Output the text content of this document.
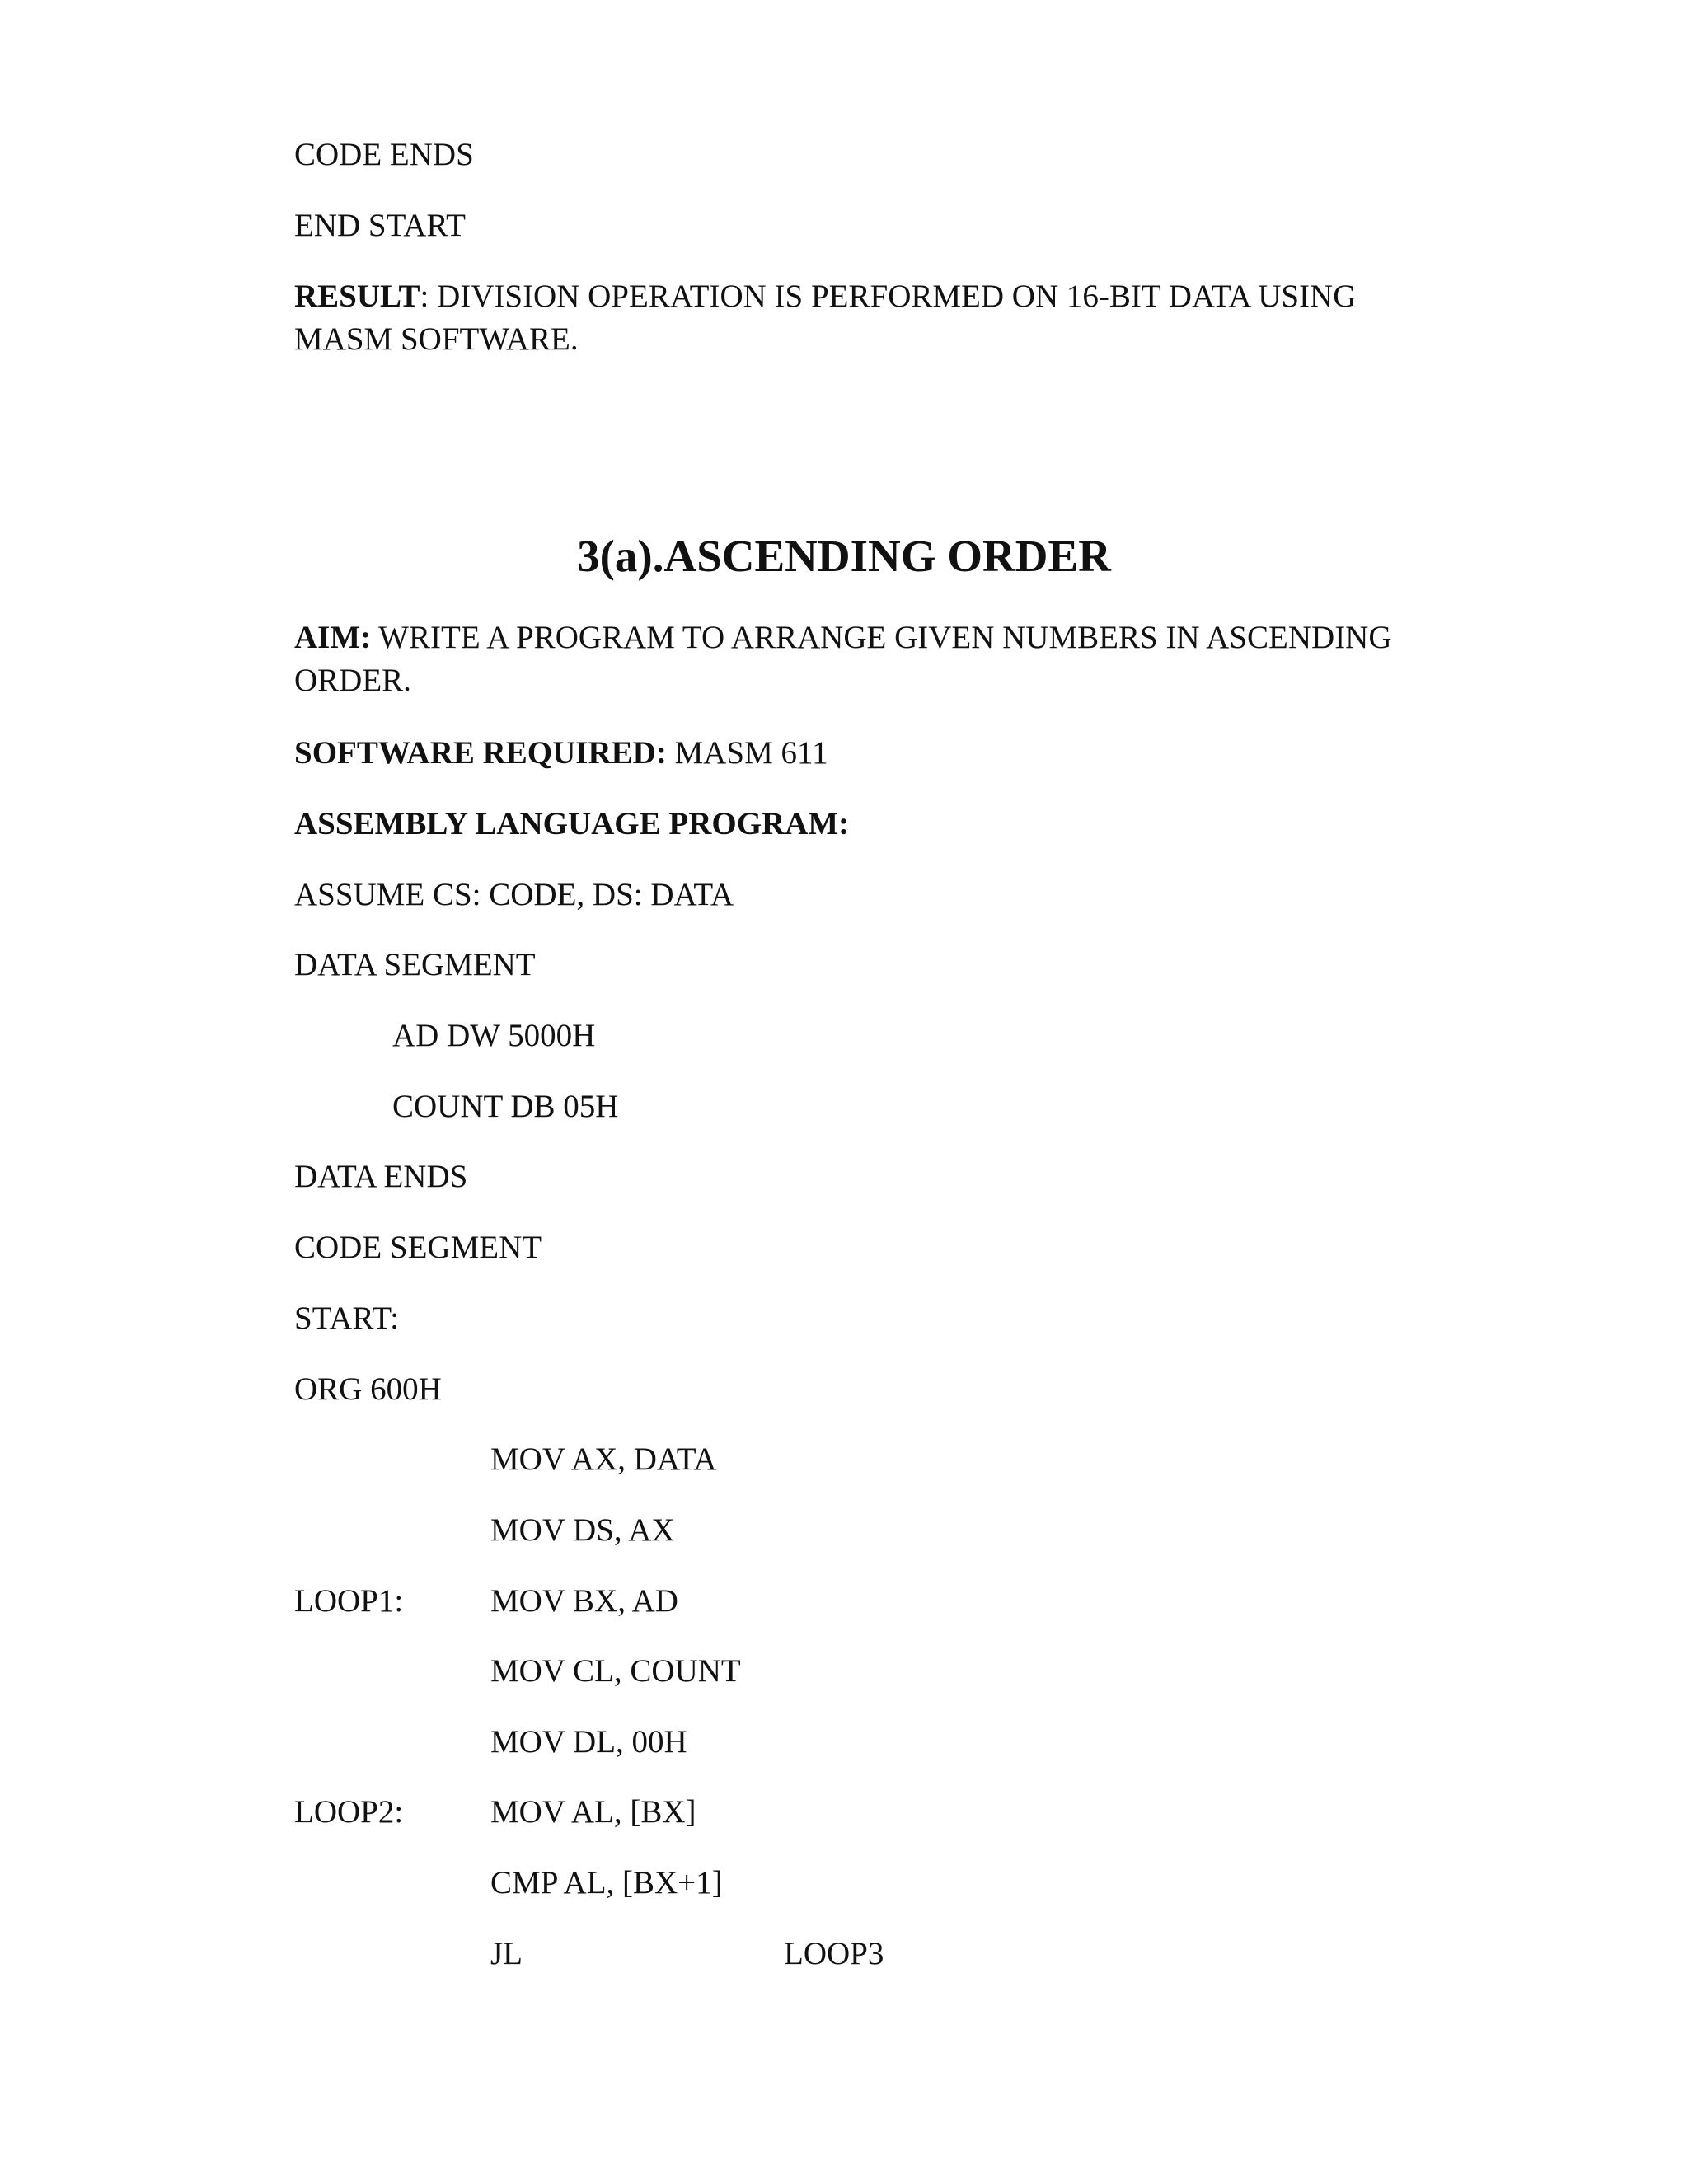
CODE ENDS
END START
RESULT: DIVISION OPERATION IS PERFORMED ON 16-BIT DATA USING MASM SOFTWARE.
3(a).ASCENDING ORDER
AIM: WRITE A PROGRAM TO ARRANGE GIVEN NUMBERS IN ASCENDING ORDER.
SOFTWARE REQUIRED: MASM 611
ASSEMBLY LANGUAGE PROGRAM:
ASSUME CS: CODE, DS: DATA
DATA SEGMENT
AD DW 5000H
COUNT DB 05H
DATA ENDS
CODE SEGMENT
START:
ORG 600H
MOV AX, DATA
MOV DS, AX
LOOP1:	MOV BX, AD
MOV CL, COUNT
MOV DL, 00H
LOOP2:	MOV AL, [BX]
CMP AL, [BX+1]
JL	LOOP3
